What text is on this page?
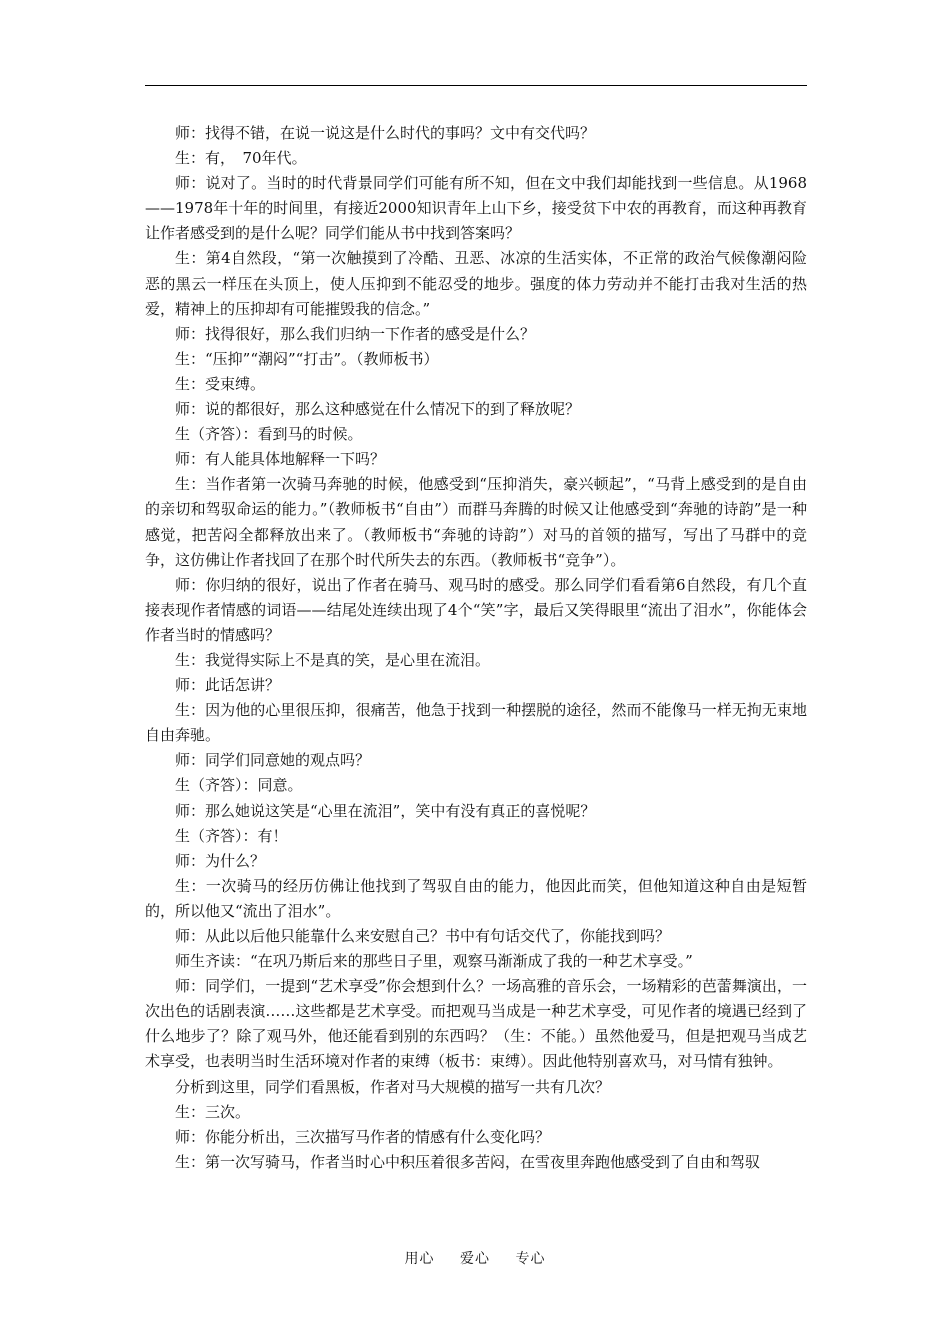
师：找得不错，在说一说这是什么时代的事吗？文中有交代吗？

生：有，　70年代。

师：说对了。当时的时代背景同学们可能有所不知，但在文中我们却能找到一些信息。从1968——1978年十年的时间里，有接近2000知识青年上山下乡，接受贫下中农的再教育，而这种再教育让作者感受到的是什么呢？同学们能从书中找到答案吗？

生：第4自然段，“第一次触摸到了冷酷、丑恶、冰凉的生活实体，不正常的政治气候像潮闷险恶的黑云一样压在头顶上，使人压抑到不能忍受的地步。强度的体力劳动并不能打击我对生活的热爱，精神上的压抑却有可能摧毁我的信念。”

师：找得很好，那么我们归纳一下作者的感受是什么？

生：“压抑”“潮闷”“打击”。（教师板书）

生：受束缚。

师：说的都很好，那么这种感觉在什么情况下的到了释放呢？

生（齐答）：看到马的时候。

师：有人能具体地解释一下吗？

生：当作者第一次骑马奔驰的时候，他感受到“压抑消失，豪兴顿起”，“马背上感受到的是自由的亲切和驾驭命运的能力。”（教师板书“自由”）而群马奔腾的时候又让他感受到“奔驰的诗韵”是一种感觉，把苦闷全都释放出来了。（教师板书“奔驰的诗韵”）对马的首领的描写，写出了马群中的竞争，这仿佛让作者找回了在那个时代所失去的东西。（教师板书“竞争”）。

师：你归纳的很好，说出了作者在骑马、观马时的感受。那么同学们看看第6自然段，有几个直接表现作者情感的词语——结尾处连续出现了4个“笑”字，最后又笑得眼里“流出了泪水”，你能体会作者当时的情感吗？

生：我觉得实际上不是真的笑，是心里在流泪。

师：此话怎讲？

生：因为他的心里很压抑，很痛苦，他急于找到一种摆脱的途径，然而不能像马一样无拘无束地自由奔驰。

师：同学们同意她的观点吗？

生（齐答）：同意。

师：那么她说这笑是“心里在流泪”，笑中有没有真正的喜悦呢？

生（齐答）：有！

师：为什么？

生：一次骑马的经历仿佛让他找到了驾驭自由的能力，他因此而笑，但他知道这种自由是短暂的，所以他又“流出了泪水”。

师：从此以后他只能靠什么来安慰自己？书中有句话交代了，你能找到吗？

师生齐读：“在巩乃斯后来的那些日子里，观察马渐渐成了我的一种艺术享受。”

师：同学们，一提到“艺术享受”你会想到什么？一场高雅的音乐会，一场精彩的芭蕾舞演出，一次出色的话剧表演……这些都是艺术享受。而把观马当成是一种艺术享受，可见作者的境遇已经到了什么地步了？除了观马外，他还能看到别的东西吗？（生：不能。）虽然他爱马，但是把观马当成艺术享受，也表明当时生活环境对作者的束缚（板书：束缚）。因此他特别喜欢马，对马情有独钟。

分析到这里，同学们看黑板，作者对马大规模的描写一共有几次？

生：三次。

师：你能分析出，三次描写马作者的情感有什么变化吗？

生：第一次写骑马，作者当时心中积压着很多苦闷，在雪夜里奔跑他感受到了自由和驾驭

用心 爱心 专心
